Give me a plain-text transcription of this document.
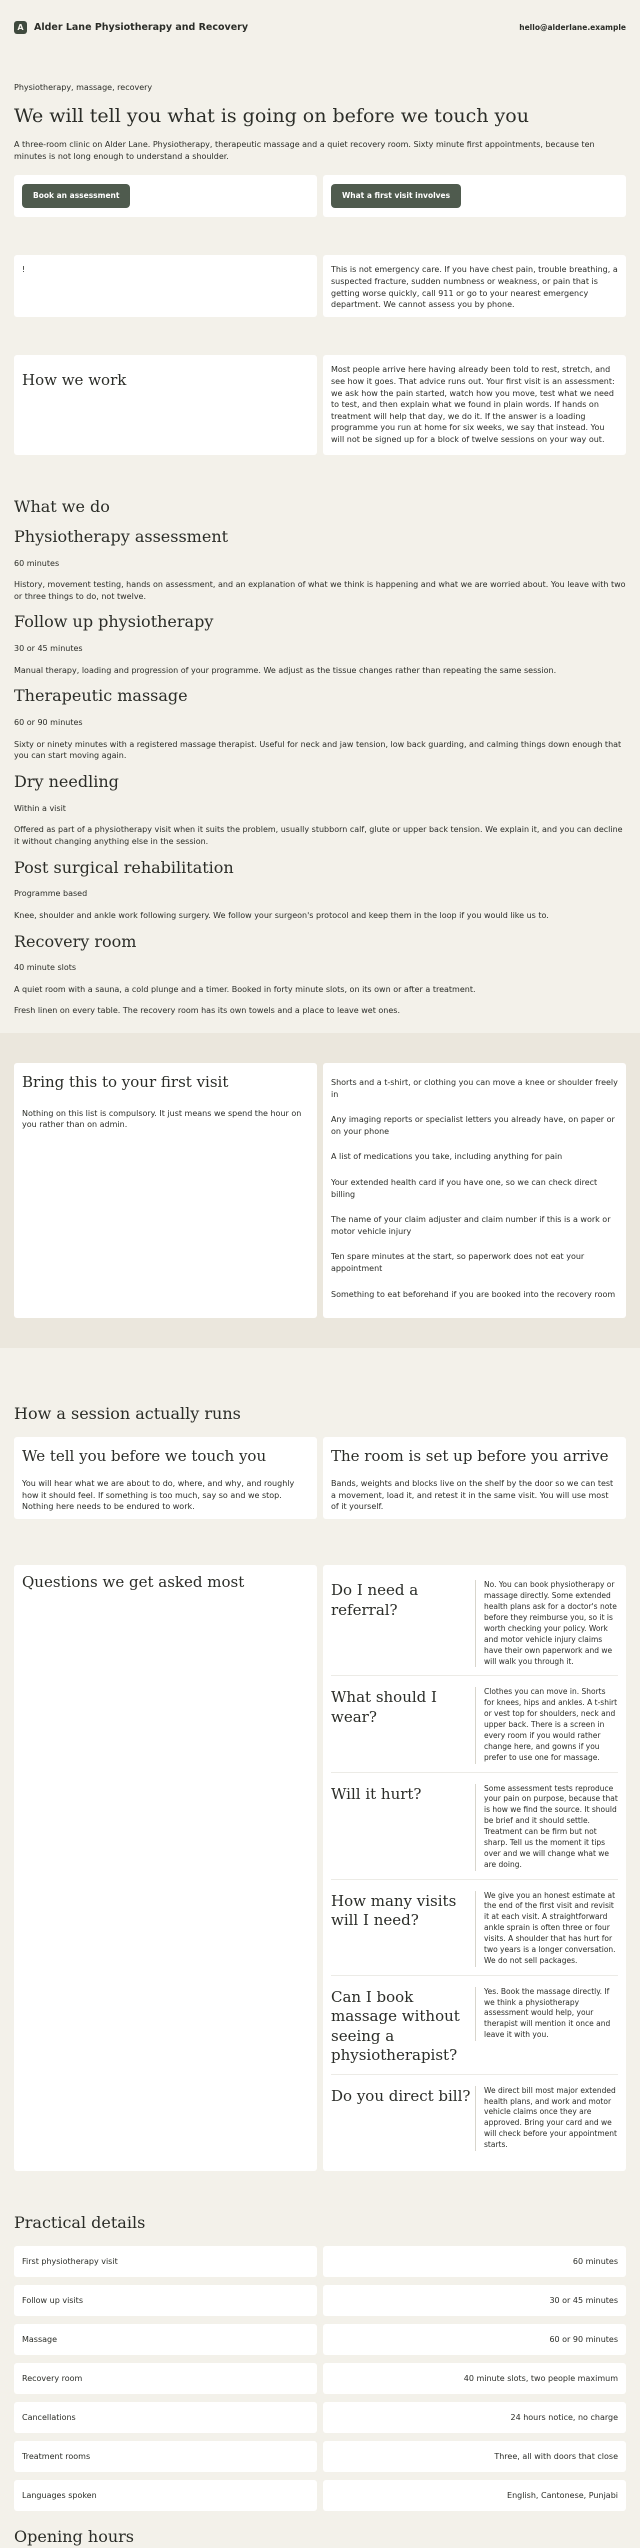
A	Alder Lane Physiotherapy and Recovery	hello@alderlane.example
Physiotherapy, massage, recovery
We will tell you what is going on before we touch you

A three-room clinic on Alder Lane. Physiotherapy, therapeutic massage and a quiet recovery room. Sixty minute first appointments, because ten minutes is not long enough to understand a shoulder.

Book an assessment	What a first visit involves
!	This is not emergency care. If you have chest pain, trouble breathing, a suspected fracture, sudden numbness or weakness, or pain that is getting worse quickly, call 911 or go to your nearest emergency department. We cannot assess you by phone.

How we work

Most people arrive here having already been told to rest, stretch, and see how it goes. That advice runs out. Your first visit is an assessment: we ask how the pain started, watch how you move, test what we need to test, and then explain what we found in plain words. If hands on treatment will help that day, we do it. If the answer is a loading programme you run at home for six weeks, we say that instead. You will not be signed up for a block of twelve sessions on your way out.

What we do
Physiotherapy assessment
60 minutes

History, movement testing, hands on assessment, and an explanation of what we think is happening and what we are worried about. You leave with two or three things to do, not twelve.

Follow up physiotherapy
30 or 45 minutes

Manual therapy, loading and progression of your programme. We adjust as the tissue changes rather than repeating the same session.

Therapeutic massage
60 or 90 minutes

Sixty or ninety minutes with a registered massage therapist. Useful for neck and jaw tension, low back guarding, and calming things down enough that you can start moving again.

Dry needling
Within a visit

Offered as part of a physiotherapy visit when it suits the problem, usually stubborn calf, glute or upper back tension. We explain it, and you can decline it without changing anything else in the session.

Post surgical rehabilitation
Programme based

Knee, shoulder and ankle work following surgery. We follow your surgeon's protocol and keep them in the loop if you would like us to.

Recovery room
40 minute slots

A quiet room with a sauna, a cold plunge and a timer. Booked in forty minute slots, on its own or after a treatment.

Fresh linen on every table. The recovery room has its own towels and a place to leave wet ones.

Bring this to your first visit

Nothing on this list is compulsory. It just means we spend the hour on you rather than on admin.

Shorts and a t-shirt, or clothing you can move a knee or shoulder freely in
Any imaging reports or specialist letters you already have, on paper or on your phone
A list of medications you take, including anything for pain
Your extended health card if you have one, so we can check direct billing
The name of your claim adjuster and claim number if this is a work or motor vehicle injury
Ten spare minutes at the start, so paperwork does not eat your appointment
Something to eat beforehand if you are booked into the recovery room
How a session actually runs
We tell you before we touch you

You will hear what we are about to do, where, and why, and roughly how it should feel. If something is too much, say so and we stop. Nothing here needs to be endured to work.

The room is set up before you arrive

Bands, weights and blocks live on the shelf by the door so we can test a movement, load it, and retest it in the same visit. You will use most of it yourself.

Questions we get asked most	Do I need a referral?

No. You can book physiotherapy or massage directly. Some extended health plans ask for a doctor's note before they reimburse you, so it is worth checking your policy. Work and motor vehicle injury claims have their own paperwork and we will walk you through it.

What should I wear?

Clothes you can move in. Shorts for knees, hips and ankles. A t-shirt or vest top for shoulders, neck and upper back. There is a screen in every room if you would rather change here, and gowns if you prefer to use one for massage.

Will it hurt?	Some assessment tests reproduce your pain on purpose, because that is how we find the source. It should be brief and it should settle. Treatment can be firm but not sharp. Tell us the moment it tips over and we will change what we are doing.

How many visits will I need?

We give you an honest estimate at the end of the first visit and revisit it at each visit. A straightforward ankle sprain is often three or four visits. A shoulder that has hurt for two years is a longer conversation. We do not sell packages.

Can I book massage without seeing a physiotherapist?

Yes. Book the massage directly. If we think a physiotherapy assessment would help, your therapist will mention it once and leave it with you.

Do you direct bill?	We direct bill most major extended health plans, and work and motor vehicle claims once they are approved. Bring your card and we will check before your appointment starts.

Practical details
First physiotherapy visit	60 minutes
Follow up visits	30 or 45 minutes
Massage	60 or 90 minutes
Recovery room	40 minute slots, two people maximum
Cancellations	24 hours notice, no charge
Treatment rooms	Three, all with doors that close
Languages spoken	English, Cantonese, Punjabi
Opening hours
